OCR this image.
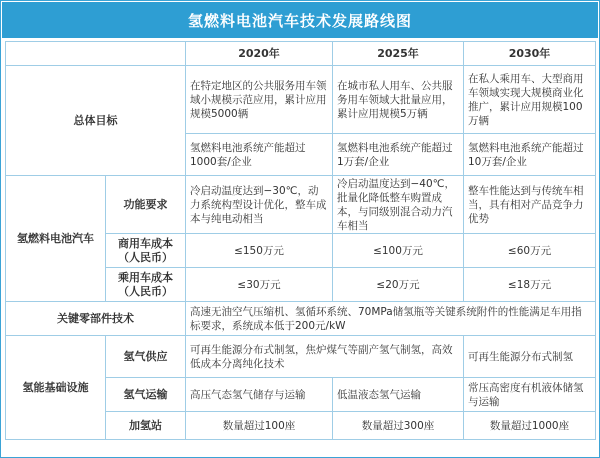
氢燃料电池汽车技术发展路线图
		2020年	2025年	2030年
总体目标		在特定地区的公共服务用车领域小规模示范应用，累计应用规模5000辆	在城市私人用车、公共服务用车领域大批量应用，累计应用规模5万辆	在私人乘用车、大型商用车领域实现大规模商业化推广，累计应用规模100万辆
		氢燃料电池系统产能超过1000套/企业	氢燃料电池系统产能超过1万套/企业	氢燃料电池系统产能超过10万套/企业
氢燃料电池汽车	功能要求	冷启动温度达到−30℃，动力系统构型设计优化，整车成本与纯电动相当	冷启动温度达到−40℃，批量化降低整车购置成本，与同级别混合动力汽车相当	整车性能达到与传统车相当，具有相对产品竞争力优势
	商用车成本（人民币）	≤150万元	≤100万元	≤60万元
	乘用车成本（人民币）	≤30万元	≤20万元	≤18万元
关键零部件技术		高速无油空气压缩机、氢循环系统、70MPa储氢瓶等关键系统附件的性能满足车用指标要求，系统成本低于200元/kW		
氢能基础设施	氢气供应	可再生能源分布式制氢，焦炉煤气等副产氢气制氢，高效低成本分离纯化技术		可再生能源分布式制氢
	氢气运输	高压气态氢气储存与运输	低温液态氢气运输	常压高密度有机液体储氢与运输
	加氢站	数量超过100座	数量超过300座	数量超过1000座
